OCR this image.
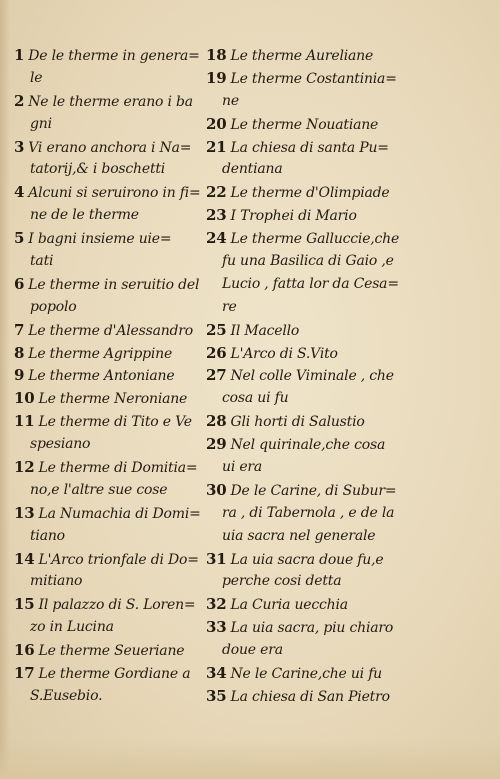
1 De le therme in genera=
le
2 Ne le therme erano i ba
gni
3 Vi erano anchora i Na=
tatorij,& i boschetti
4 Alcuni si seruirono in fi=
ne de le therme
5 I bagni insieme uie=
tati
6 Le therme in seruitio del
popolo
7 Le therme d'Alessandro
8 Le therme Agrippine
9 Le therme Antoniane
10 Le therme Neroniane
11 Le therme di Tito e Ve
spesiano
12 Le therme di Domitia=
no,e l'altre sue cose
13 La Numachia di Domi=
tiano
14 L'Arco trionfale di Do=
mitiano
15 Il palazzo di S. Loren=
zo in Lucina
16 Le therme Seueriane
17 Le therme Gordiane a
S.Eusebio.
18 Le therme Aureliane
19 Le therme Costantinia=
ne
20 Le therme Nouatiane
21 La chiesa di santa Pu=
dentiana
22 Le therme d'Olimpiade
23 I Trophei di Mario
24 Le therme Galluccie,che
fu una Basilica di Gaio ,e
Lucio , fatta lor da Cesa=
re
25 Il Macello
26 L'Arco di S.Vito
27 Nel colle Viminale , che
cosa ui fu
28 Gli horti di Salustio
29 Nel quirinale,che cosa
ui era
30 De le Carine, di Subur=
ra , di Tabernola , e de la
uia sacra nel generale
31 La uia sacra doue fu,e
perche cosi detta
32 La Curia uecchia
33 La uia sacra, piu chiaro
doue era
34 Ne le Carine,che ui fu
35 La chiesa di San Pietro
